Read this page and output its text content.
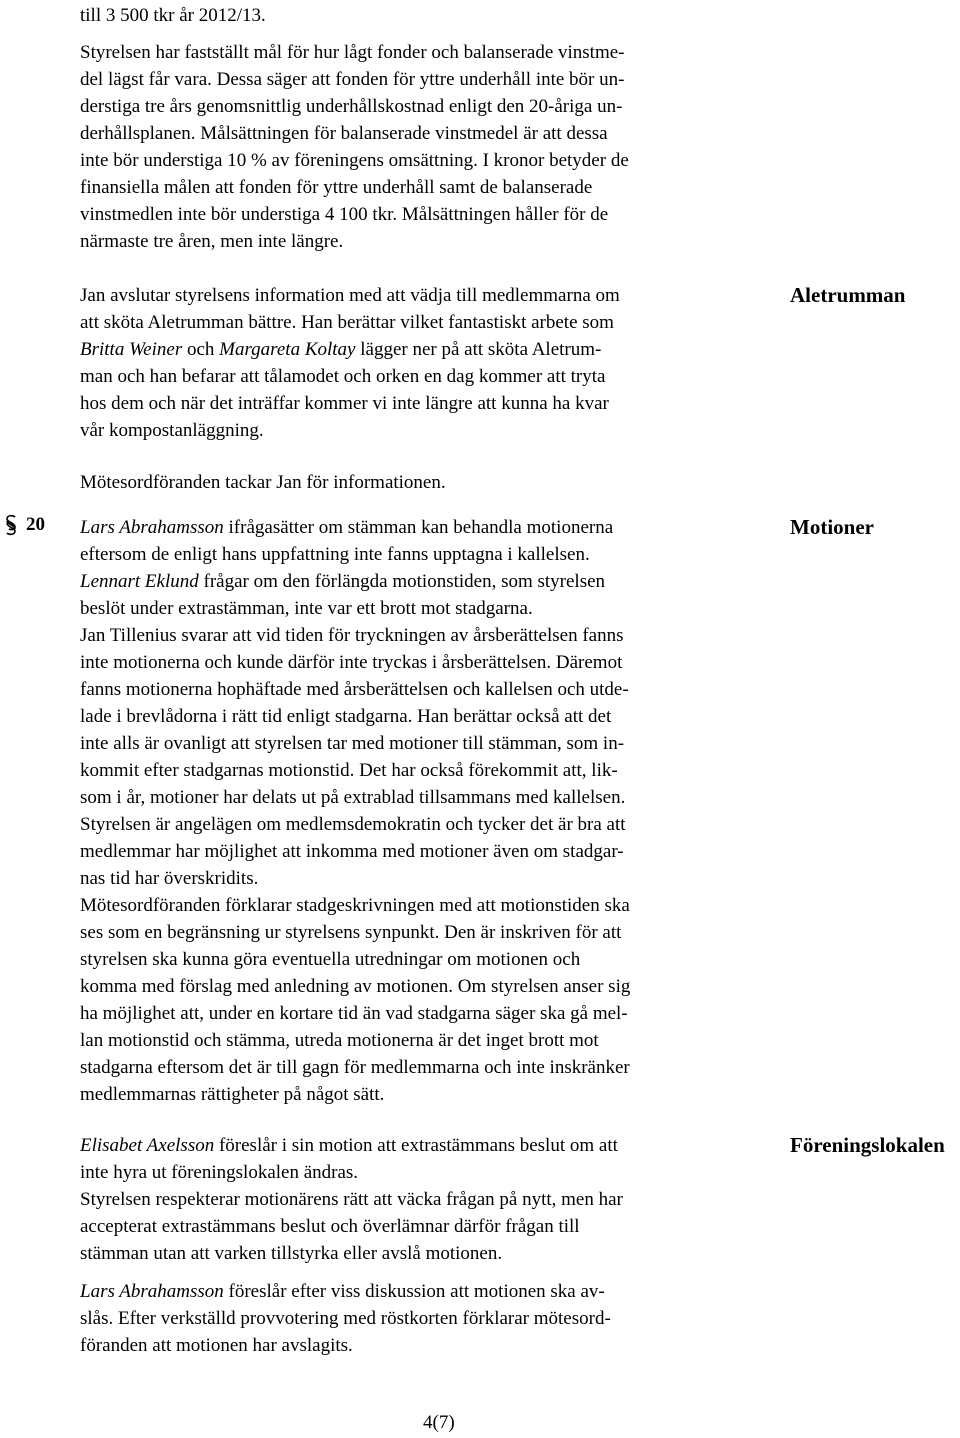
till 3 500 tkr år 2012/13.
Styrelsen har fastställt mål för hur lågt fonder och balanserade vinstme-
del lägst får vara. Dessa säger att fonden för yttre underhåll inte bör un-
derstiga tre års genomsnittlig underhållskostnad enligt den 20-åriga un-
derhållsplanen. Målsättningen för balanserade vinstmedel är att dessa
inte bör understiga 10 % av föreningens omsättning. I kronor betyder de
finansiella målen att fonden för yttre underhåll samt de balanserade
vinstmedlen inte bör understiga 4 100 tkr. Målsättningen håller för de
närmaste tre åren, men inte längre.
Jan avslutar styrelsens information med att vädja till medlemmarna om
att sköta Aletrumman bättre. Han berättar vilket fantastiskt arbete som
Britta Weiner och Margareta Koltay lägger ner på att sköta Aletrum-
man och han befarar att tålamodet och orken en dag kommer att tryta
hos dem och när det inträffar kommer vi inte längre att kunna ha kvar
vår kompostanläggning.
Aletrumman
Mötesordföranden tackar Jan för informationen.
20 Lars Abrahamsson ifrågasätter om stämman kan behandla motionerna
eftersom de enligt hans uppfattning inte fanns upptagna i kallelsen.
Lennart Eklund frågar om den förlängda motionstiden, som styrelsen
beslöt under extrastämman, inte var ett brott mot stadgarna.
Jan Tillenius svarar att vid tiden för tryckningen av årsberättelsen fanns
inte motionerna och kunde därför inte tryckas i årsberättelsen. Däremot
fanns motionerna hophäftade med årsberättelsen och kallelsen och utde-
lade i brevlådorna i rätt tid enligt stadgarna. Han berättar också att det
inte alls är ovanligt att styrelsen tar med motioner till stämman, som in-
kommit efter stadgarnas motionstid. Det har också förekommit att, lik-
som i år, motioner har delats ut på extrablad tillsammans med kallelsen.
Styrelsen är angelägen om medlemsdemokratin och tycker det är bra att
medlemmar har möjlighet att inkomma med motioner även om stadgar-
nas tid har överskridits.
Mötesordföranden förklarar stadgeskrivningen med att motionstiden ska
ses som en begränsning ur styrelsens synpunkt. Den är inskriven för att
styrelsen ska kunna göra eventuella utredningar om motionen och
komma med förslag med anledning av motionen. Om styrelsen anser sig
ha möjlighet att, under en kortare tid än vad stadgarna säger ska gå mel-
lan motionstid och stämma, utreda motionerna är det inget brott mot
stadgarna eftersom det är till gagn för medlemmarna och inte inskränker
medlemmarnas rättigheter på något sätt.
Motioner
Elisabet Axelsson föreslår i sin motion att extrastämmans beslut om att
inte hyra ut föreningslokalen ändras.
Styrelsen respekterar motionärens rätt att väcka frågan på nytt, men har
accepterat extrastämmans beslut och överlämnar därför frågan till
stämman utan att varken tillstyrka eller avslå motionen.
Föreningslokalen
Lars Abrahamsson föreslår efter viss diskussion att motionen ska av-
slås. Efter verkställd provvotering med röstkorten förklarar mötesord-
föranden att motionen har avslagits.
4(7)
